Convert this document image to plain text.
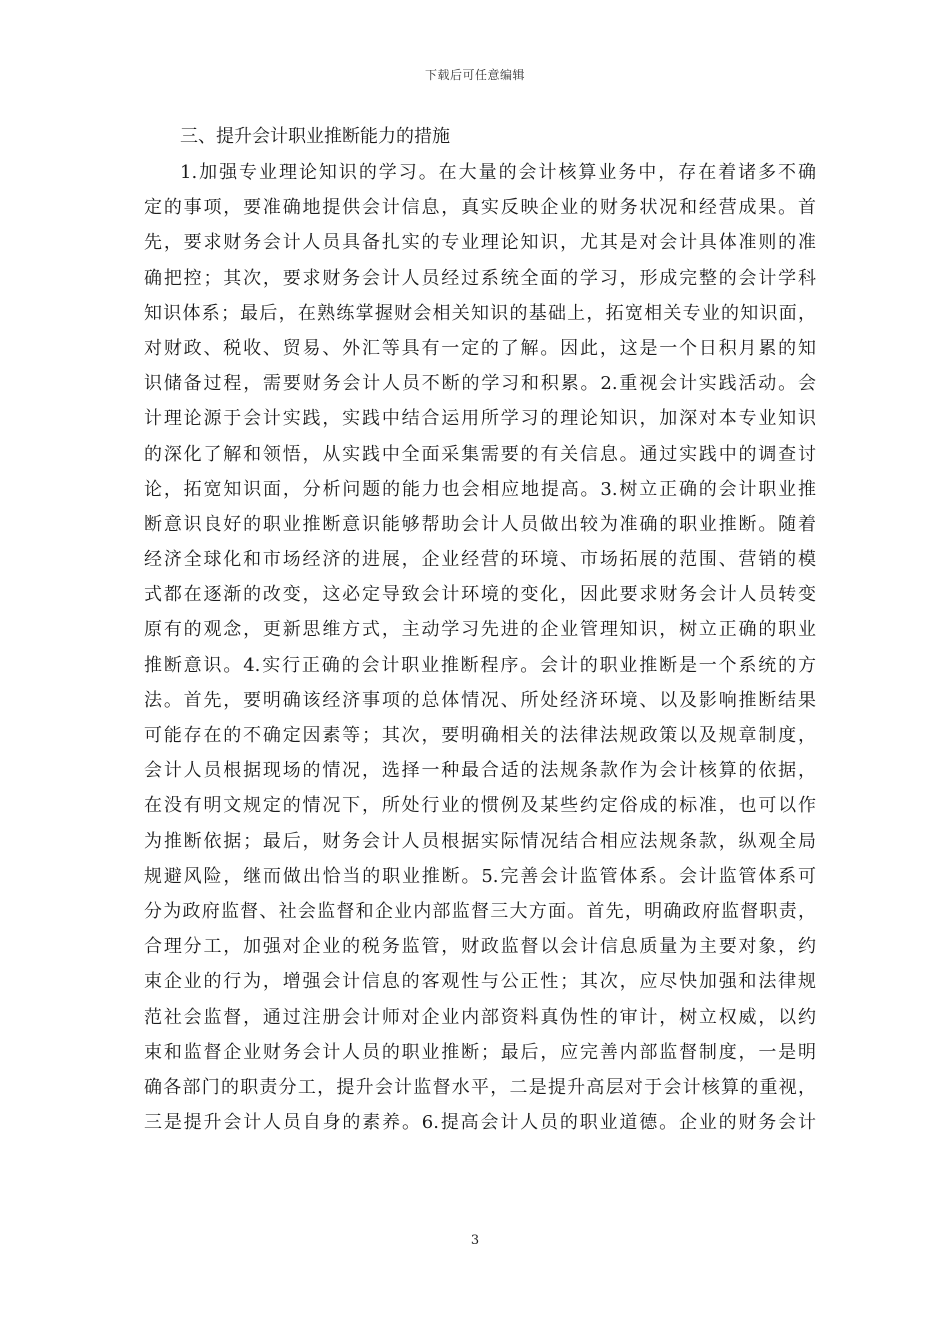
下载后可任意编辑
三、提升会计职业推断能力的措施
1.加强专业理论知识的学习。在大量的会计核算业务中，存在着诸多不确
定的事项，要准确地提供会计信息，真实反映企业的财务状况和经营成果。首
先，要求财务会计人员具备扎实的专业理论知识，尤其是对会计具体准则的准
确把控；其次，要求财务会计人员经过系统全面的学习，形成完整的会计学科
知识体系；最后，在熟练掌握财会相关知识的基础上，拓宽相关专业的知识面，
对财政、税收、贸易、外汇等具有一定的了解。因此，这是一个日积月累的知
识储备过程，需要财务会计人员不断的学习和积累。2.重视会计实践活动。会
计理论源于会计实践，实践中结合运用所学习的理论知识，加深对本专业知识
的深化了解和领悟，从实践中全面采集需要的有关信息。通过实践中的调查讨
论，拓宽知识面，分析问题的能力也会相应地提高。3.树立正确的会计职业推
断意识良好的职业推断意识能够帮助会计人员做出较为准确的职业推断。随着
经济全球化和市场经济的进展，企业经营的环境、市场拓展的范围、营销的模
式都在逐渐的改变，这必定导致会计环境的变化，因此要求财务会计人员转变
原有的观念，更新思维方式，主动学习先进的企业管理知识，树立正确的职业
推断意识。4.实行正确的会计职业推断程序。会计的职业推断是一个系统的方
法。首先，要明确该经济事项的总体情况、所处经济环境、以及影响推断结果
可能存在的不确定因素等；其次，要明确相关的法律法规政策以及规章制度，
会计人员根据现场的情况，选择一种最合适的法规条款作为会计核算的依据，
在没有明文规定的情况下，所处行业的惯例及某些约定俗成的标准，也可以作
为推断依据；最后，财务会计人员根据实际情况结合相应法规条款，纵观全局
规避风险，继而做出恰当的职业推断。5.完善会计监管体系。会计监管体系可
分为政府监督、社会监督和企业内部监督三大方面。首先，明确政府监督职责，
合理分工，加强对企业的税务监管，财政监督以会计信息质量为主要对象，约
束企业的行为，增强会计信息的客观性与公正性；其次，应尽快加强和法律规
范社会监督，通过注册会计师对企业内部资料真伪性的审计，树立权威，以约
束和监督企业财务会计人员的职业推断；最后，应完善内部监督制度，一是明
确各部门的职责分工，提升会计监督水平，二是提升高层对于会计核算的重视，
三是提升会计人员自身的素养。6.提高会计人员的职业道德。企业的财务会计
3
